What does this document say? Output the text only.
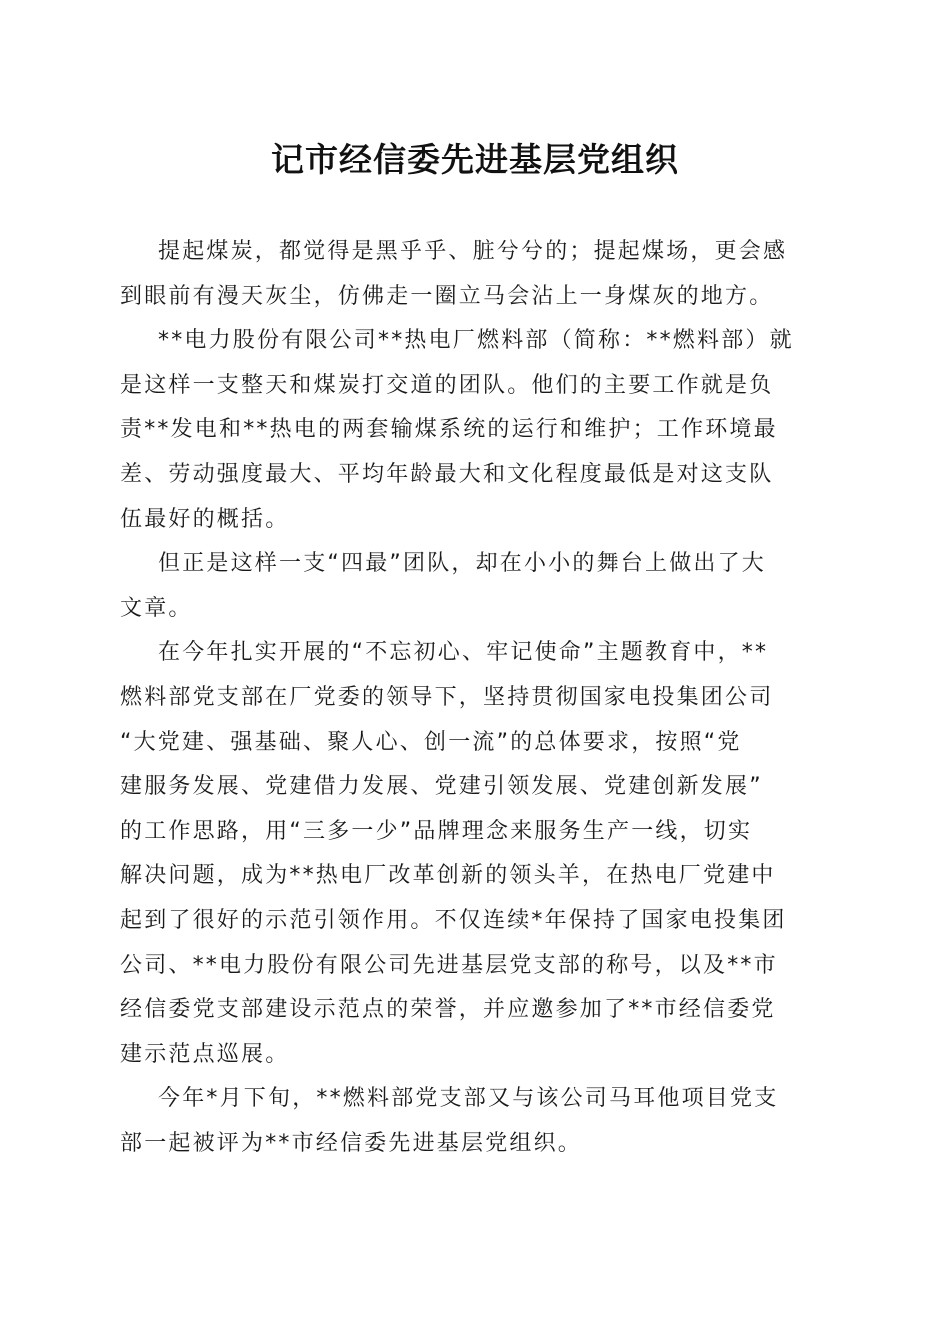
记市经信委先进基层党组织

提起煤炭，都觉得是黑乎乎、脏兮兮的；提起煤场，更会感
到眼前有漫天灰尘，仿佛走一圈立马会沾上一身煤灰的地方。

**电力股份有限公司**热电厂燃料部（简称：**燃料部）就
是这样一支整天和煤炭打交道的团队。他们的主要工作就是负
责**发电和**热电的两套输煤系统的运行和维护；工作环境最
差、劳动强度最大、平均年龄最大和文化程度最低是对这支队
伍最好的概括。

但正是这样一支“四最”团队，却在小小的舞台上做出了大
文章。

在今年扎实开展的“不忘初心、牢记使命”主题教育中，**
燃料部党支部在厂党委的领导下，坚持贯彻国家电投集团公司
“大党建、强基础、聚人心、创一流”的总体要求，按照“党
建服务发展、党建借力发展、党建引领发展、党建创新发展”
的工作思路，用“三多一少”品牌理念来服务生产一线，切实
解决问题，成为**热电厂改革创新的领头羊，在热电厂党建中
起到了很好的示范引领作用。不仅连续*年保持了国家电投集团
公司、**电力股份有限公司先进基层党支部的称号，以及**市
经信委党支部建设示范点的荣誉，并应邀参加了**市经信委党
建示范点巡展。

今年*月下旬，**燃料部党支部又与该公司马耳他项目党支
部一起被评为**市经信委先进基层党组织。
